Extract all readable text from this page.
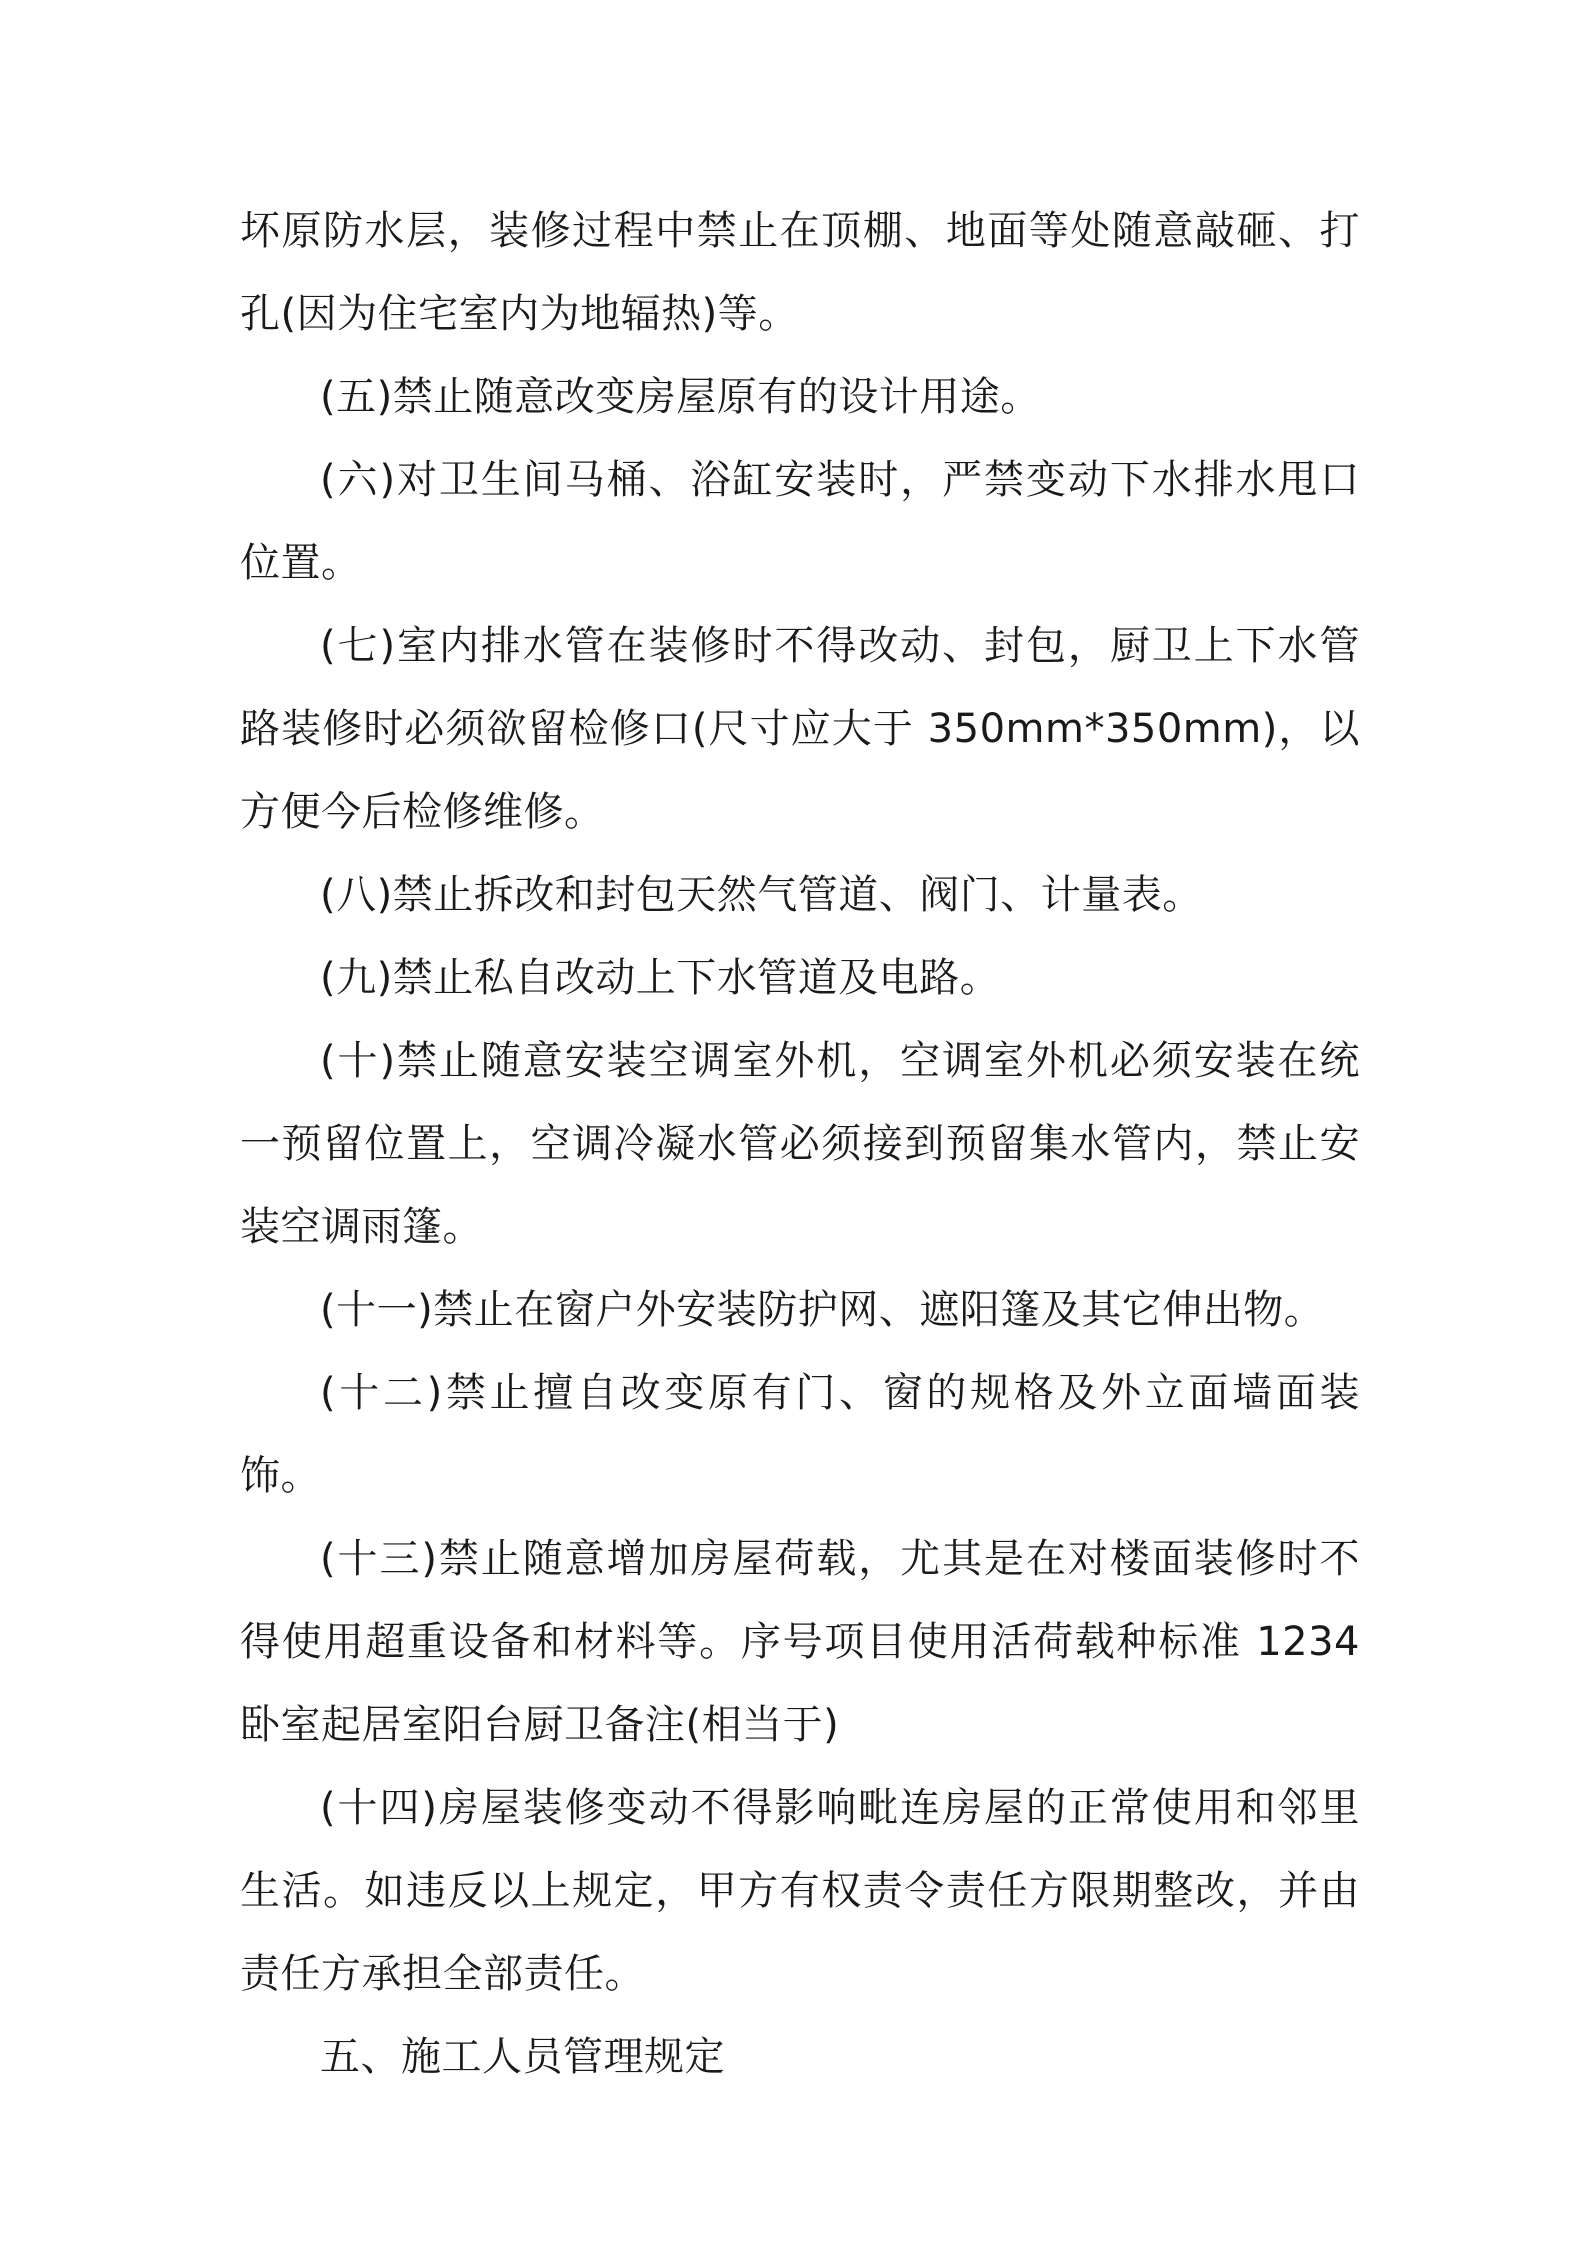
坏原防水层，装修过程中禁止在顶棚、地面等处随意敲砸、打孔(因为住宅室内为地辐热)等。

(五)禁止随意改变房屋原有的设计用途。

(六)对卫生间马桶、浴缸安装时，严禁变动下水排水甩口位置。

(七)室内排水管在装修时不得改动、封包，厨卫上下水管路装修时必须欲留检修口(尺寸应大于 350mm*350mm)，以方便今后检修维修。

(八)禁止拆改和封包天然气管道、阀门、计量表。

(九)禁止私自改动上下水管道及电路。

(十)禁止随意安装空调室外机，空调室外机必须安装在统一预留位置上，空调冷凝水管必须接到预留集水管内，禁止安装空调雨篷。

(十一)禁止在窗户外安装防护网、遮阳篷及其它伸出物。

(十二)禁止擅自改变原有门、窗的规格及外立面墙面装饰。

(十三)禁止随意增加房屋荷载，尤其是在对楼面装修时不得使用超重设备和材料等。序号项目使用活荷载种标准 1234 卧室起居室阳台厨卫备注(相当于)

(十四)房屋装修变动不得影响毗连房屋的正常使用和邻里生活。如违反以上规定，甲方有权责令责任方限期整改，并由责任方承担全部责任。

五、施工人员管理规定
